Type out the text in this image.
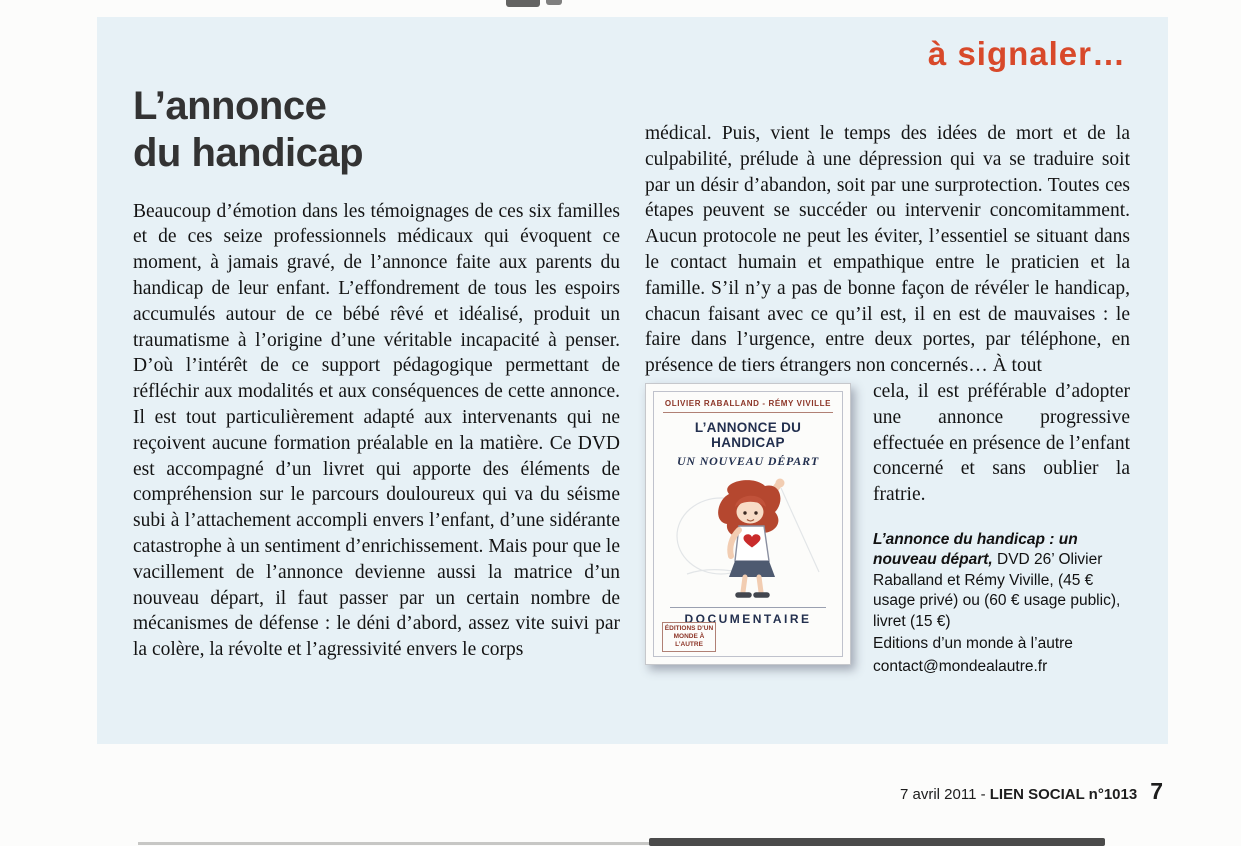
à signaler…
L’annonce
du handicap

Beaucoup d’émotion dans les témoignages de ces six familles et de ces seize professionnels médicaux qui évoquent ce moment, à jamais gravé, de l’annonce faite aux parents du handicap de leur enfant. L’effondrement de tous les espoirs accumulés autour de ce bébé rêvé et idéalisé, produit un traumatisme à l’origine d’une véritable incapacité à penser. D’où l’intérêt de ce support pédagogique permettant de réfléchir aux modalités et aux conséquences de cette annonce. Il est tout particulièrement adapté aux intervenants qui ne reçoivent aucune formation préalable en la matière. Ce DVD est accompagné d’un livret qui apporte des éléments de compréhension sur le parcours douloureux qui va du séisme subi à l’attachement accompli envers l’enfant, d’une sidérante catastrophe à un sentiment d’enrichissement. Mais pour que le vacillement de l’annonce devienne aussi la matrice d’un nouveau départ, il faut passer par un certain nombre de mécanismes de défense : le déni d’abord, assez vite suivi par la colère, la révolte et l’agressivité envers le corps

médical. Puis, vient le temps des idées de mort et de la culpabilité, prélude à une dépression qui va se traduire soit par un désir d’abandon, soit par une surprotection. Toutes ces étapes peuvent se succéder ou intervenir concomitamment. Aucun protocole ne peut les éviter, l’essentiel se situant dans le contact humain et empathique entre le praticien et la famille. S’il n’y a pas de bonne façon de révéler le handicap, chacun faisant avec ce qu’il est, il en est de mauvaises : le faire dans l’urgence, entre deux portes, par téléphone, en présence de tiers étrangers non concernés… À tout

OLIVIER RABALLAND - RÉMY VIVILLE
L’ANNONCE DU HANDICAP
UN NOUVEAU DÉPART
DOCUMENTAIRE
ÉDITIONS D’UN MONDE À L’AUTRE

cela, il est préférable d’adopter une annonce progressive effectuée en présence de l’enfant concerné et sans oublier la fratrie.

L’annonce du handicap : un nouveau départ, DVD 26’ Olivier Raballand et Rémy Viville, (45 € usage privé) ou (60 € usage public), livret (15 €)

Editions d’un monde à l’autre
contact@mondealautre.fr
7 avril 2011 - LIEN SOCIAL n°1013 7
